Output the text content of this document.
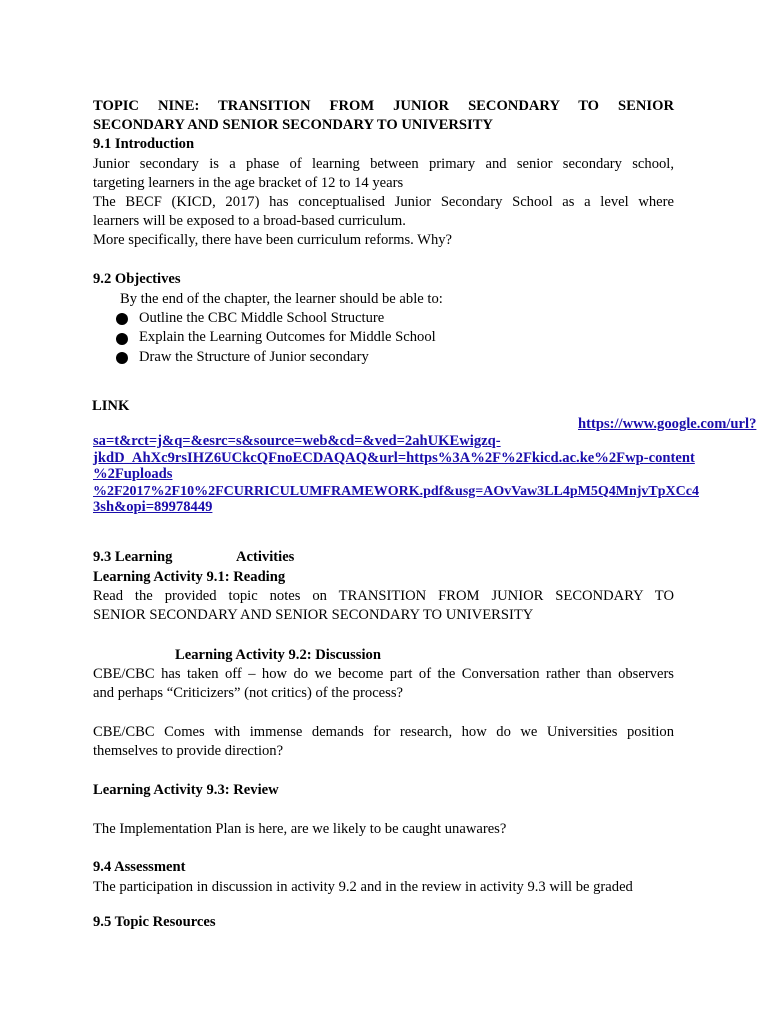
TOPIC NINE: TRANSITION FROM JUNIOR SECONDARY TO SENIOR
SECONDARY AND SENIOR SECONDARY TO UNIVERSITY
9.1 Introduction
Junior secondary is a phase of learning between primary and senior secondary school,
targeting learners in the age bracket of 12 to 14 years
The BECF (KICD, 2017) has conceptualised Junior Secondary School as a level where
learners will be exposed to a broad-based curriculum.
More specifically, there have been curriculum reforms. Why?
9.2 Objectives
By the end of the chapter, the learner should be able to:
Outline the CBC Middle School Structure
Explain the Learning Outcomes for Middle School
Draw the Structure of Junior secondary
LINK
https://www.google.com/url?
sa=t&rct=j&q=&esrc=s&source=web&cd=&ved=2ahUKEwigzq-
jkdD_AhXc9rsIHZ6UCkcQFnoECDAQAQ&url=https%3A%2F%2Fkicd.ac.ke%2Fwp-content
%2Fuploads
%2F2017%2F10%2FCURRICULUMFRAMEWORK.pdf&usg=AOvVaw3LL4pM5Q4MnjvTpXCc4
3sh&opi=89978449
9.3 Learning	Activities
Learning Activity 9.1: Reading
Read the provided topic notes on TRANSITION FROM JUNIOR SECONDARY TO
SENIOR SECONDARY AND SENIOR SECONDARY TO UNIVERSITY
Learning Activity 9.2: Discussion
CBE/CBC has taken off – how do we become part of the Conversation rather than observers
and perhaps “Criticizers” (not critics) of the process?
CBE/CBC Comes with immense demands for research, how do we Universities position
themselves to provide direction?
Learning Activity 9.3: Review
The Implementation Plan is here, are we likely to be caught unawares?
9.4 Assessment
The participation in discussion in activity 9.2 and in the review in activity 9.3 will be graded
9.5 Topic Resources
